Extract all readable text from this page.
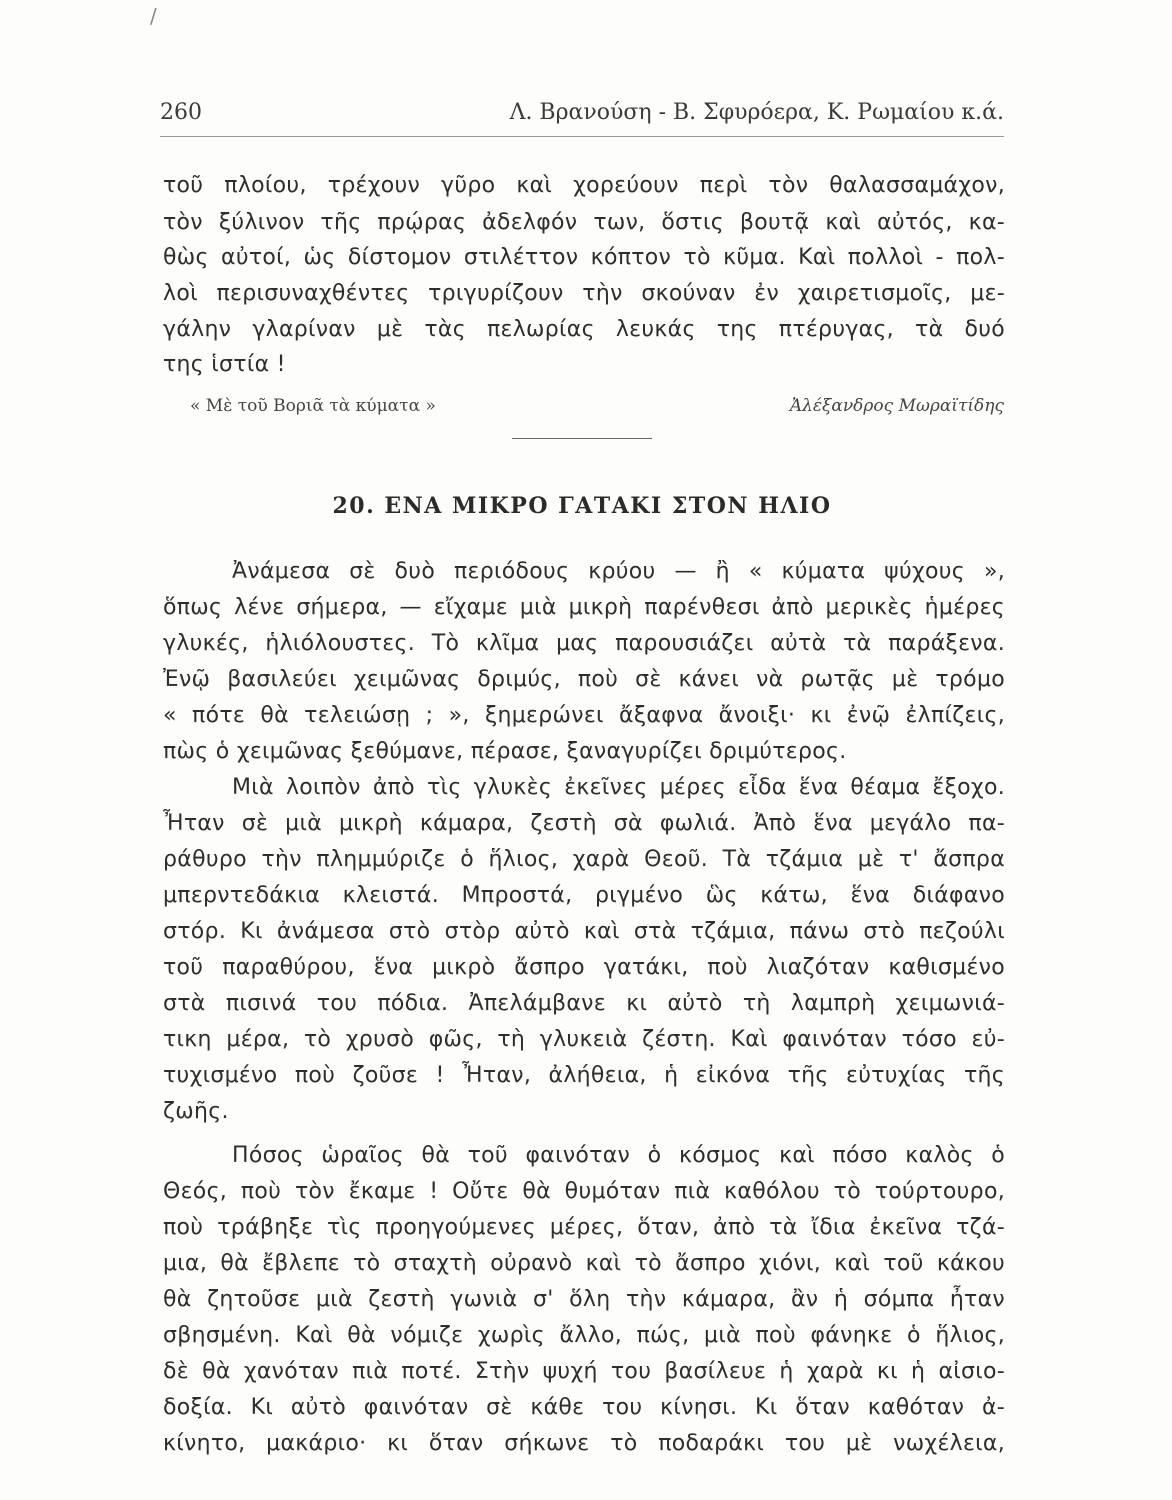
/
260	Λ. Βρανούση - Β. Σφυρόερα, Κ. Ρωμαίου κ.ά.
τοῦ πλοίου, τρέχουν γῦρο καὶ χορεύουν περὶ τὸν θαλασσαμάχον,
τὸν ξύλινον τῆς πρῴρας ἀδελφόν των, ὅστις βουτᾷ καὶ αὐτός, κα-
θὼς αὐτοί, ὡς δίστομον στιλέττον κόπτον τὸ κῦμα. Καὶ πολλοὶ - πολ-
λοὶ περισυναχθέντες τριγυρίζουν τὴν σκούναν ἐν χαιρετισμοῖς, με-
γάλην γλαρίναν μὲ τὰς πελωρίας λευκάς της πτέρυγας, τὰ δυό
της ἱστία !
« Μὲ τοῦ Βοριᾶ τὰ κύματα »	Ἀλέξανδρος Μωραϊτίδης
20. ΕΝΑ ΜΙΚΡΟ ΓΑΤΑΚΙ ΣΤΟΝ ΗΛΙΟ
Ἀνάμεσα σὲ δυὸ περιόδους κρύου — ἢ « κύματα ψύχους »,
ὅπως λένε σήμερα, — εἴχαμε μιὰ μικρὴ παρένθεσι ἀπὸ μερικὲς ἡμέρες
γλυκές, ἡλιόλουστες. Τὸ κλῖμα μας παρουσιάζει αὐτὰ τὰ παράξενα.
Ἐνῷ βασιλεύει χειμῶνας δριμύς, ποὺ σὲ κάνει νὰ ρωτᾷς μὲ τρόμο
« πότε θὰ τελειώσῃ ; », ξημερώνει ἄξαφνα ἄνοιξι· κι ἐνῷ ἐλπίζεις,
πὼς ὁ χειμῶνας ξεθύμανε, πέρασε, ξαναγυρίζει δριμύτερος.
Μιὰ λοιπὸν ἀπὸ τὶς γλυκὲς ἐκεῖνες μέρες εἶδα ἕνα θέαμα ἔξοχο.
Ἦταν σὲ μιὰ μικρὴ κάμαρα, ζεστὴ σὰ φωλιά. Ἀπὸ ἕνα μεγάλο πα-
ράθυρο τὴν πλημμύριζε ὁ ἥλιος, χαρὰ Θεοῦ. Τὰ τζάμια μὲ τ' ἄσπρα
μπερντεδάκια κλειστά. Μπροστά, ριγμένο ὣς κάτω, ἕνα διάφανο
στόρ. Κι ἀνάμεσα στὸ στὸρ αὐτὸ καὶ στὰ τζάμια, πάνω στὸ πεζούλι
τοῦ παραθύρου, ἕνα μικρὸ ἄσπρο γατάκι, ποὺ λιαζόταν καθισμένο
στὰ πισινά του πόδια. Ἀπελάμβανε κι αὐτὸ τὴ λαμπρὴ χειμωνιά-
τικη μέρα, τὸ χρυσὸ φῶς, τὴ γλυκειὰ ζέστη. Καὶ φαινόταν τόσο εὐ-
τυχισμένο ποὺ ζοῦσε ! Ἦταν, ἀλήθεια, ἡ εἰκόνα τῆς εὐτυχίας τῆς
ζωῆς.
Πόσος ὡραῖος θὰ τοῦ φαινόταν ὁ κόσμος καὶ πόσο καλὸς ὁ
Θεός, ποὺ τὸν ἔκαμε ! Οὔτε θὰ θυμόταν πιὰ καθόλου τὸ τούρτουρο,
ποὺ τράβηξε τὶς προηγούμενες μέρες, ὅταν, ἀπὸ τὰ ἴδια ἐκεῖνα τζά-
μια, θὰ ἔβλεπε τὸ σταχτὴ οὐρανὸ καὶ τὸ ἄσπρο χιόνι, καὶ τοῦ κάκου
θὰ ζητοῦσε μιὰ ζεστὴ γωνιὰ σ' ὅλη τὴν κάμαρα, ἂν ἡ σόμπα ἦταν
σβησμένη. Καὶ θὰ νόμιζε χωρὶς ἄλλο, πώς, μιὰ ποὺ φάνηκε ὁ ἥλιος,
δὲ θὰ χανόταν πιὰ ποτέ. Στὴν ψυχή του βασίλευε ἡ χαρὰ κι ἡ αἰσιο-
δοξία. Κι αὐτὸ φαινόταν σὲ κάθε του κίνησι. Κι ὅταν καθόταν ἀ-
κίνητο, μακάριο· κι ὅταν σήκωνε τὸ ποδαράκι του μὲ νωχέλεια,
